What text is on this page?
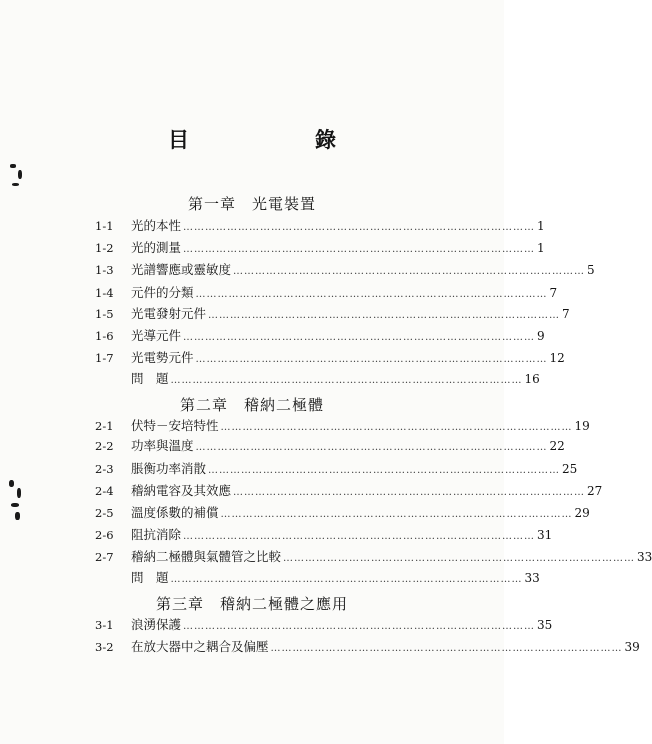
目　　錄
第一章　光電裝置
1-1	光的本性 …………………………………………………………………………………… 1
1-2	光的測量 …………………………………………………………………………………… 1
1-3	光譜響應或靈敏度 …………………………………………………………………………………… 5
1-4	元件的分類 …………………………………………………………………………………… 7
1-5	光電發射元件 …………………………………………………………………………………… 7
1-6	光導元件 …………………………………………………………………………………… 9
1-7	光電勢元件 …………………………………………………………………………………… 12
問　題 …………………………………………………………………………………… 16
第二章　稽納二極體
2-1	伏特－安培特性 …………………………………………………………………………………… 19
2-2	功率與溫度 …………………………………………………………………………………… 22
2-3	脹衡功率消散 …………………………………………………………………………………… 25
2-4	稽納電容及其效應 …………………………………………………………………………………… 27
2-5	溫度係數的補償 …………………………………………………………………………………… 29
2-6	阻抗消除 …………………………………………………………………………………… 31
2-7	稽納二極體與氣體管之比較 …………………………………………………………………………………… 33
問　題 …………………………………………………………………………………… 33
第三章　稽納二極體之應用
3-1	浪湧保護 …………………………………………………………………………………… 35
3-2	在放大器中之耦合及偏壓 …………………………………………………………………………………… 39
